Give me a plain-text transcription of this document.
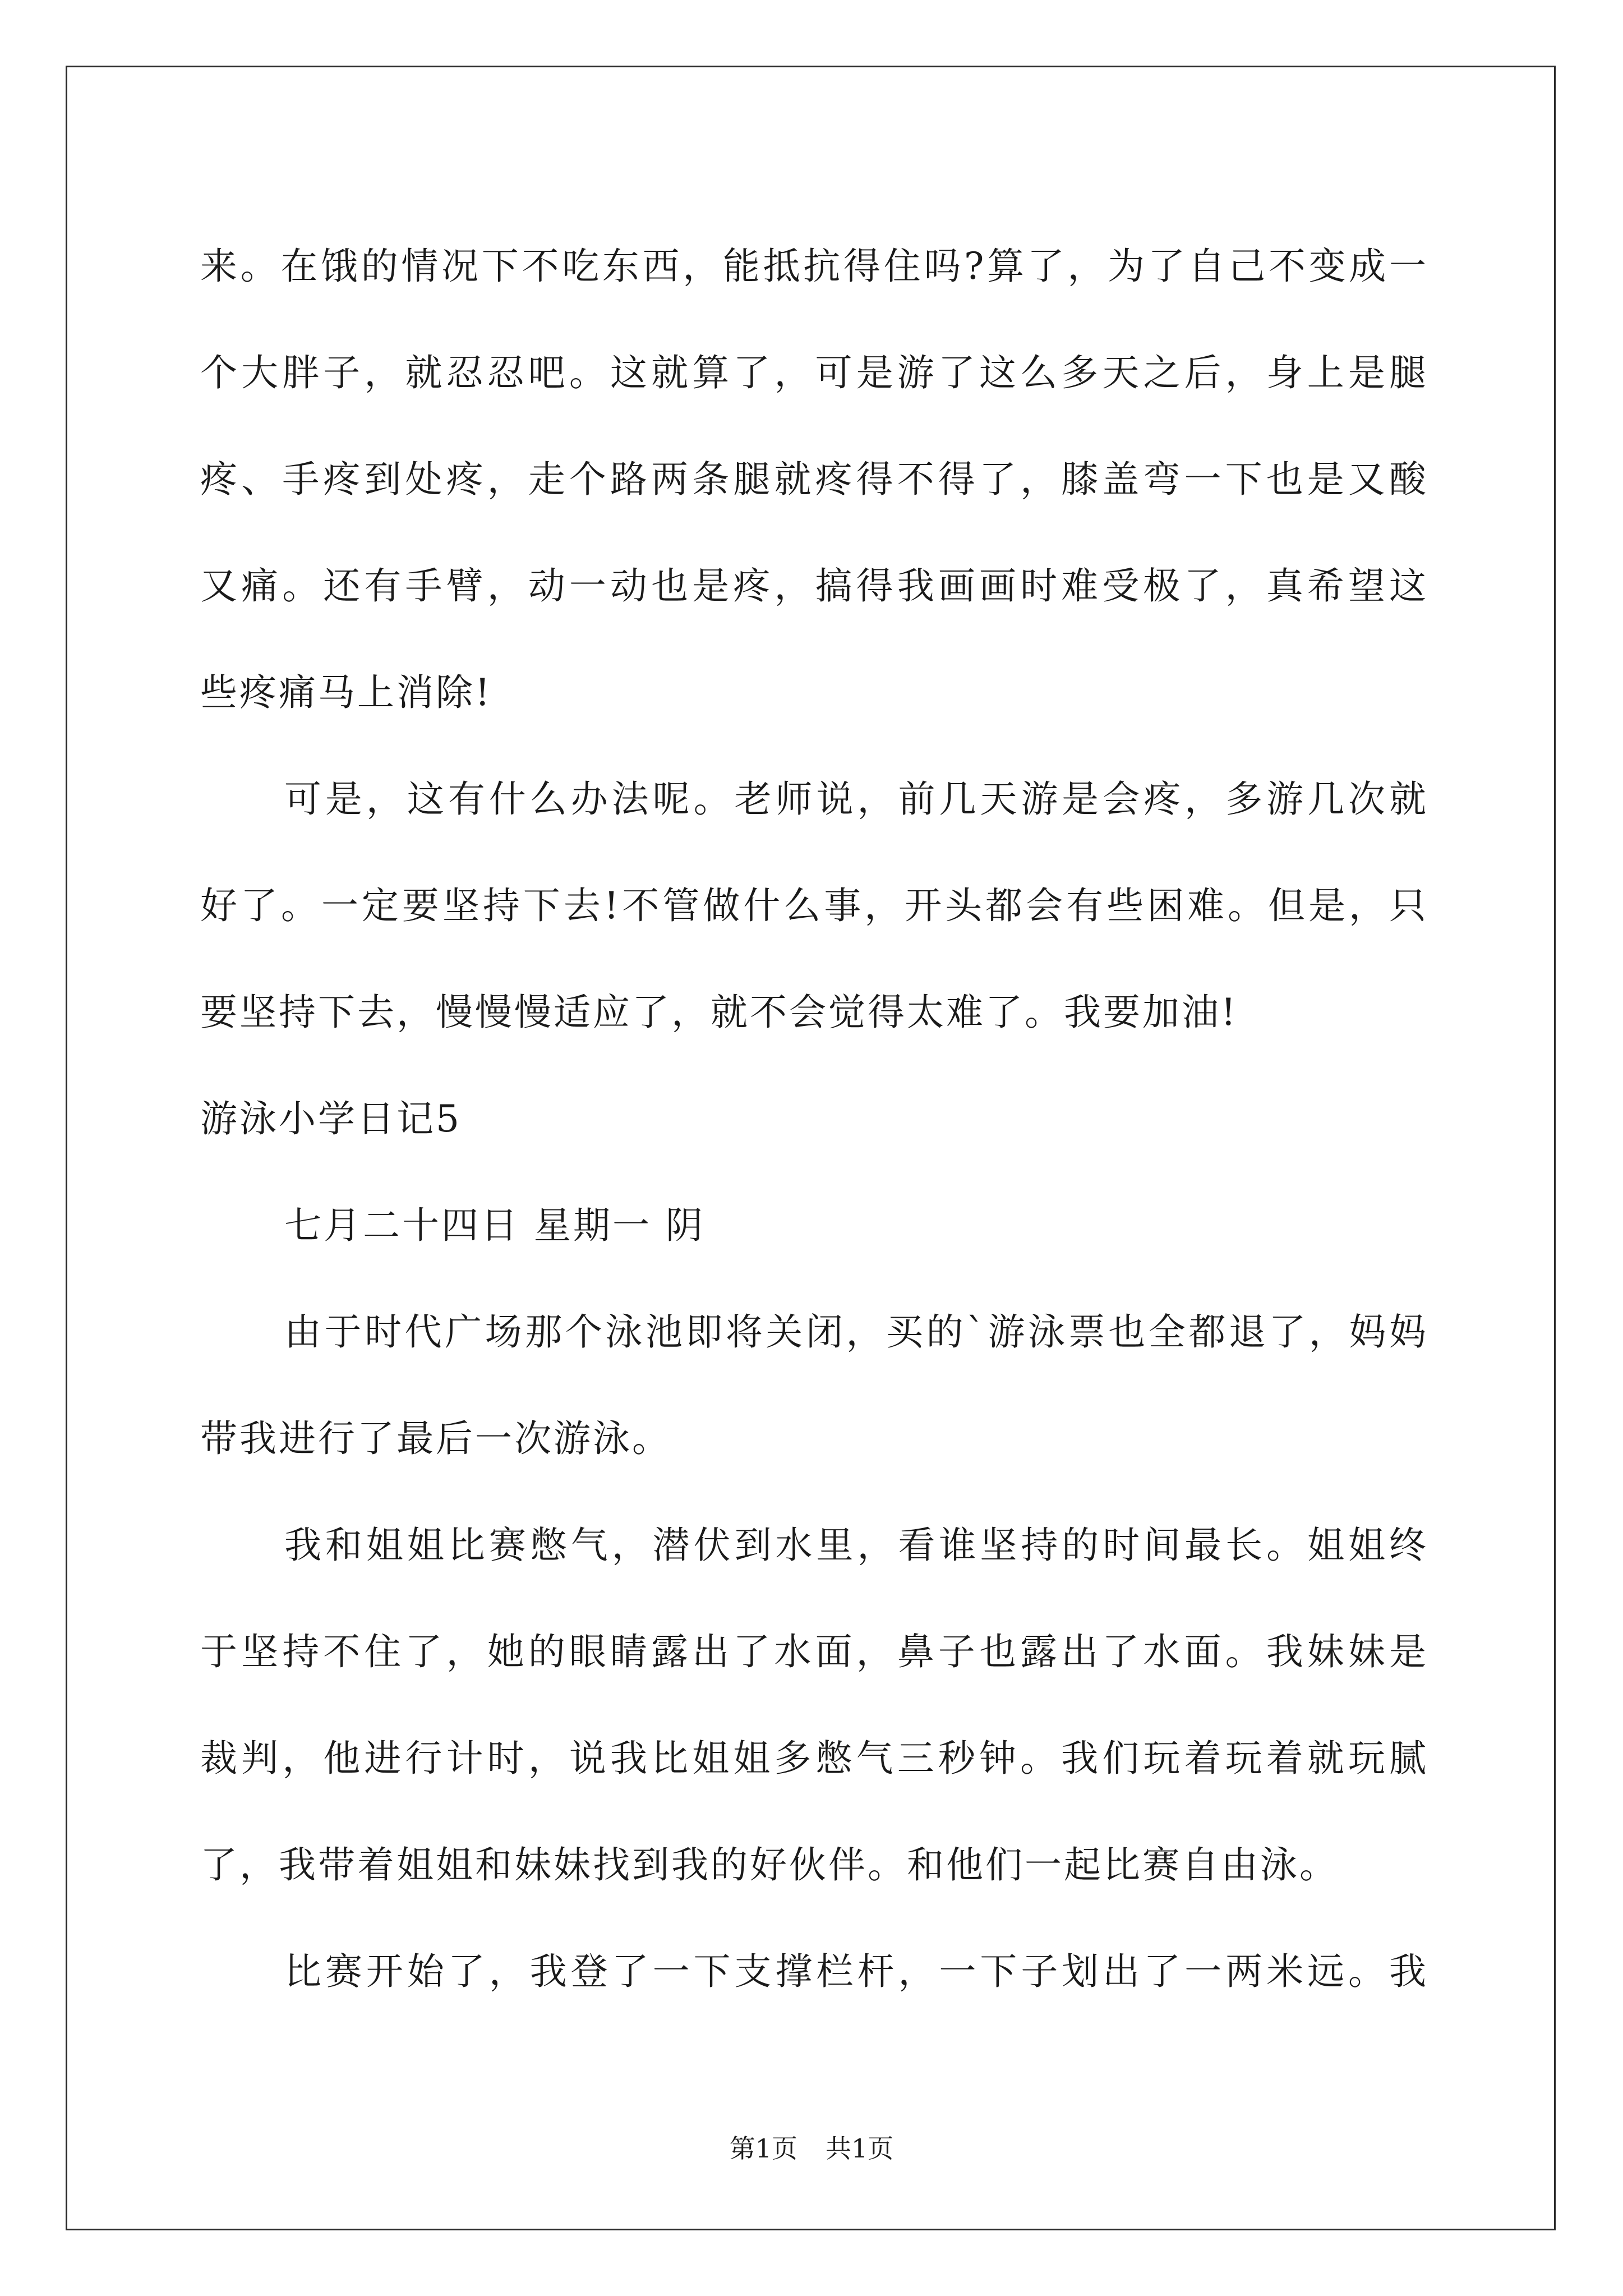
来。在饿的情况下不吃东西，能抵抗得住吗?算了，为了自己不变成一
个大胖子，就忍忍吧。这就算了，可是游了这么多天之后，身上是腿
疼、手疼到处疼，走个路两条腿就疼得不得了，膝盖弯一下也是又酸
又痛。还有手臂，动一动也是疼，搞得我画画时难受极了，真希望这
些疼痛马上消除!
可是，这有什么办法呢。老师说，前几天游是会疼，多游几次就
好了。一定要坚持下去!不管做什么事，开头都会有些困难。但是，只
要坚持下去，慢慢慢适应了，就不会觉得太难了。我要加油!
游泳小学日记5
七月二十四日 星期一 阴
由于时代广场那个泳池即将关闭，买的`游泳票也全都退了，妈妈
带我进行了最后一次游泳。
我和姐姐比赛憋气，潜伏到水里，看谁坚持的时间最长。姐姐终
于坚持不住了，她的眼睛露出了水面，鼻子也露出了水面。我妹妹是
裁判，他进行计时，说我比姐姐多憋气三秒钟。我们玩着玩着就玩腻
了，我带着姐姐和妹妹找到我的好伙伴。和他们一起比赛自由泳。
比赛开始了，我登了一下支撑栏杆，一下子划出了一两米远。我
第1页 共1页
